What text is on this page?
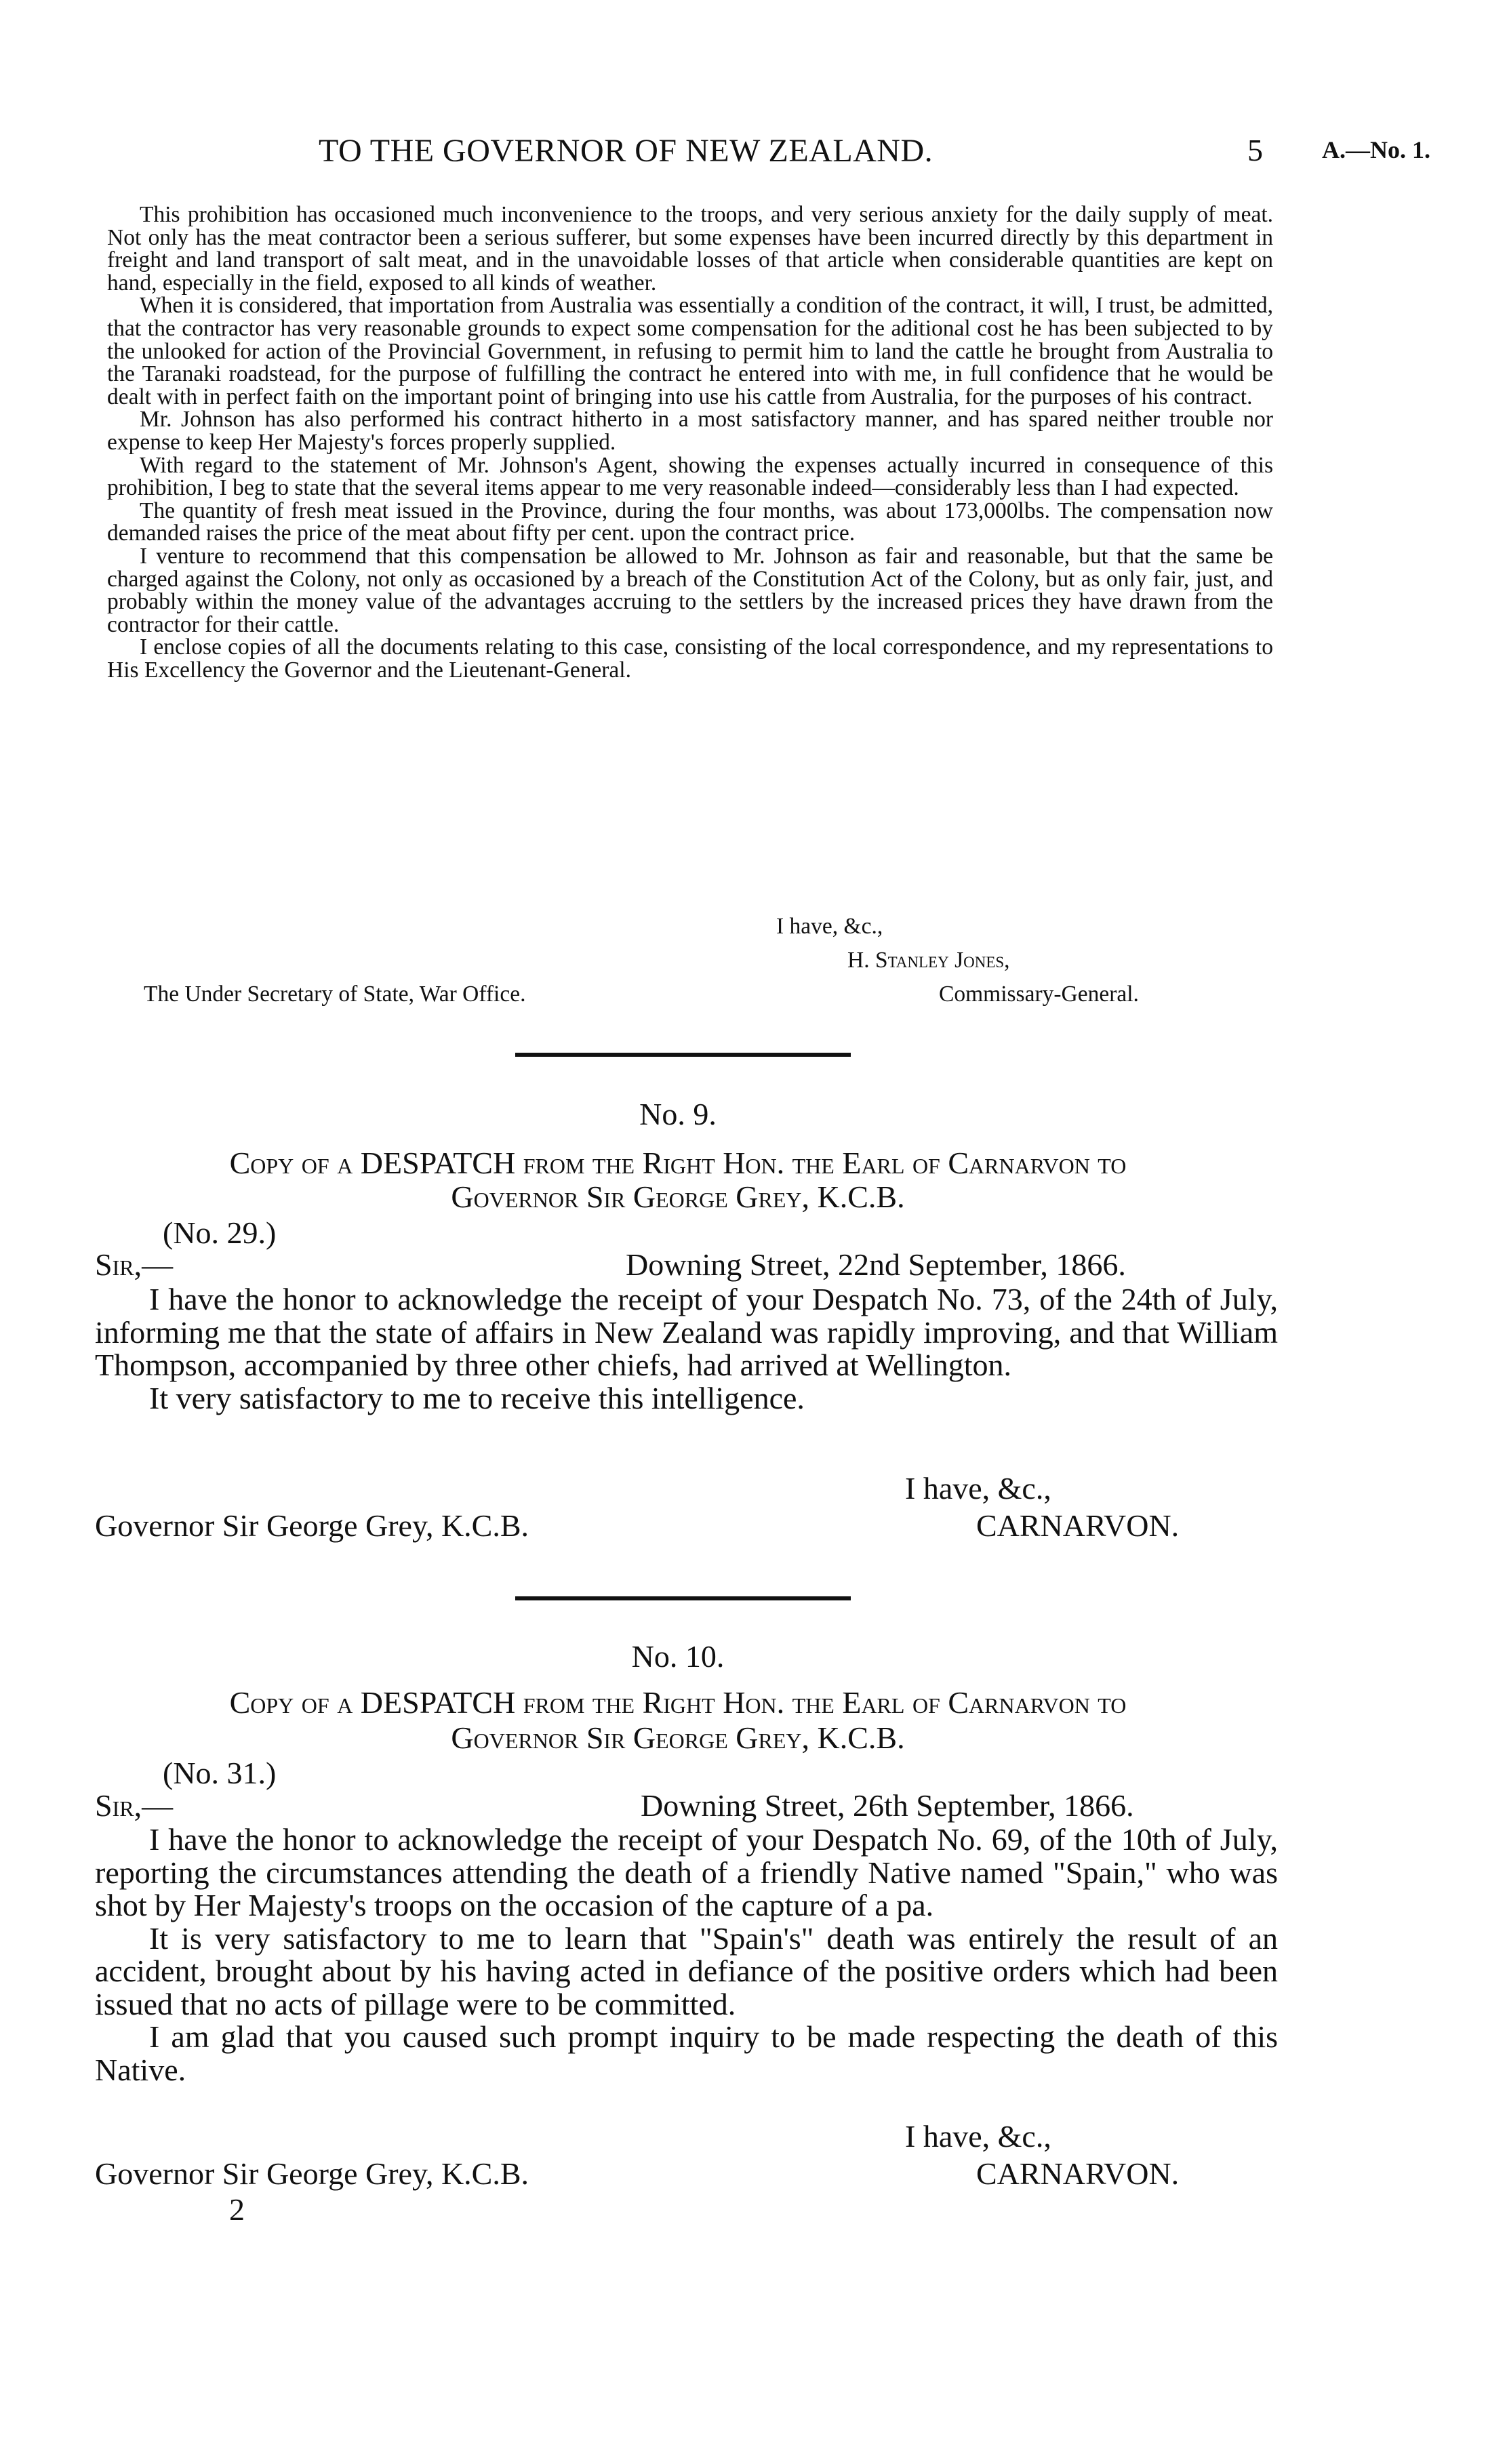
TO THE GOVERNOR OF NEW ZEALAND.	5 A.—No. 1.

This prohibition has occasioned much inconvenience to the troops, and very serious anxiety for the daily supply of meat. Not only has the meat contractor been a serious sufferer, but some expenses have been incurred directly by this department in freight and land transport of salt meat, and in the unavoidable losses of that article when considerable quantities are kept on hand, especially in the field, exposed to all kinds of weather.

When it is considered, that importation from Australia was essentially a condition of the contract, it will, I trust, be admitted, that the contractor has very reasonable grounds to expect some compensation for the aditional cost he has been subjected to by the unlooked for action of the Provincial Government, in refusing to permit him to land the cattle he brought from Australia to the Taranaki roadstead, for the purpose of fulfilling the contract he entered into with me, in full confidence that he would be dealt with in perfect faith on the important point of bringing into use his cattle from Australia, for the purposes of his contract.

Mr. Johnson has also performed his contract hitherto in a most satisfactory manner, and has spared neither trouble nor expense to keep Her Majesty's forces properly supplied.

With regard to the statement of Mr. Johnson's Agent, showing the expenses actually incurred in consequence of this prohibition, I beg to state that the several items appear to me very reasonable indeed—considerably less than I had expected.

The quantity of fresh meat issued in the Province, during the four months, was about 173,000lbs. The compensation now demanded raises the price of the meat about fifty per cent. upon the contract price.

I venture to recommend that this compensation be allowed to Mr. Johnson as fair and reasonable, but that the same be charged against the Colony, not only as occasioned by a breach of the Constitution Act of the Colony, but as only fair, just, and probably within the money value of the advantages accruing to the settlers by the increased prices they have drawn from the contractor for their cattle.

I enclose copies of all the documents relating to this case, consisting of the local correspondence, and my representations to His Excellency the Governor and the Lieutenant-General.

I have, &c.,
H. Stanley Jones,
The Under Secretary of State, War Office.	Commissary-General.
No. 9.
Copy of a DESPATCH from the Right Hon. the Earl of Carnarvon to
Governor Sir George Grey, K.C.B.
(No. 29.)
Sir,—	Downing Street, 22nd September, 1866.

I have the honor to acknowledge the receipt of your Despatch No. 73, of the 24th of July, informing me that the state of affairs in New Zealand was rapidly improving, and that William Thompson, accompanied by three other chiefs, had arrived at Wellington.

It very satisfactory to me to receive this intelligence.

I have, &c.,
Governor Sir George Grey, K.C.B.	CARNARVON.
No. 10.
Copy of a DESPATCH from the Right Hon. the Earl of Carnarvon to
Governor Sir George Grey, K.C.B.
(No. 31.)
Sir,—	Downing Street, 26th September, 1866.

I have the honor to acknowledge the receipt of your Despatch No. 69, of the 10th of July, reporting the circumstances attending the death of a friendly Native named "Spain," who was shot by Her Majesty's troops on the occasion of the capture of a pa.

It is very satisfactory to me to learn that "Spain's" death was entirely the result of an accident, brought about by his having acted in defiance of the positive orders which had been issued that no acts of pillage were to be committed.

I am glad that you caused such prompt inquiry to be made respecting the death of this Native.

I have, &c.,
Governor Sir George Grey, K.C.B.	CARNARVON.
2
